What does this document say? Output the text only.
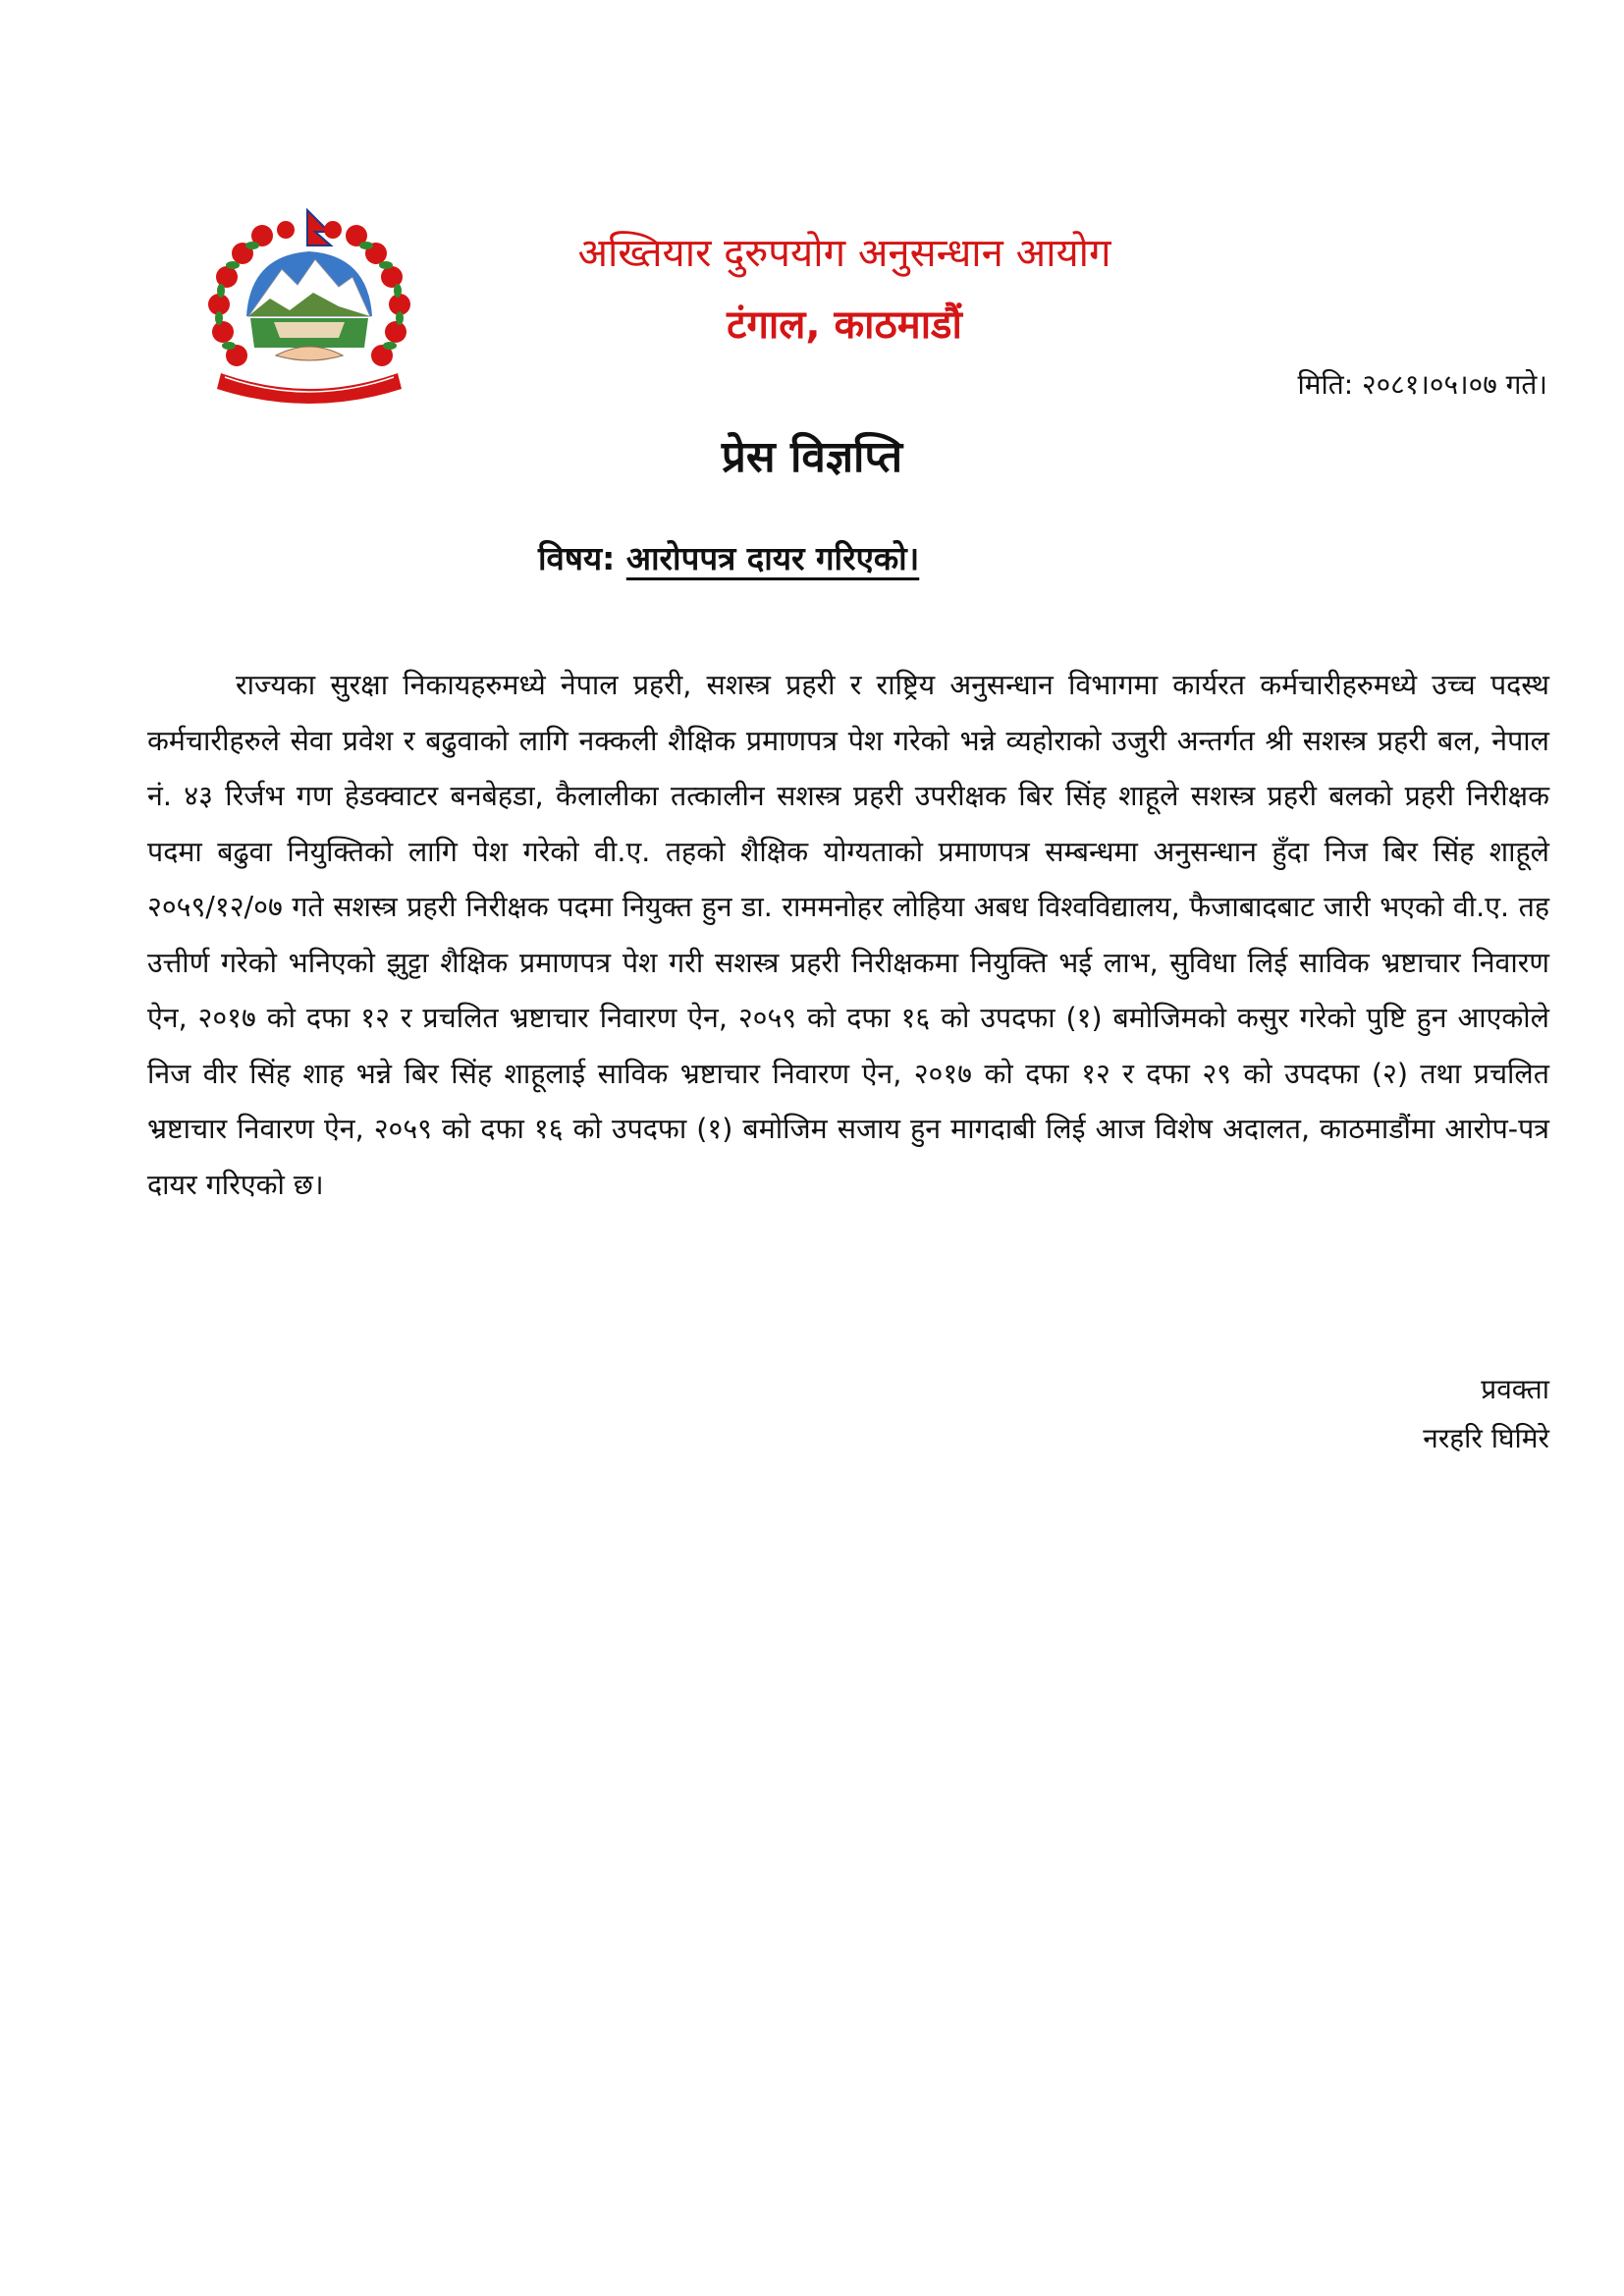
अख्तियार दुरुपयोग अनुसन्धान आयोग
टंगाल, काठमाडौं
मिति: २०८१।०५।०७ गते।
प्रेस विज्ञप्ति
विषय: आरोपपत्र दायर गरिएको।

राज्यका सुरक्षा निकायहरुमध्ये नेपाल प्रहरी, सशस्त्र प्रहरी र राष्ट्रिय अनुसन्धान विभागमा कार्यरत कर्मचारीहरुमध्ये उच्च पदस्थ कर्मचारीहरुले सेवा प्रवेश र बढुवाको लागि नक्कली शैक्षिक प्रमाणपत्र पेश गरेको भन्ने व्यहोराको उजुरी अन्तर्गत श्री सशस्त्र प्रहरी बल, नेपाल नं. ४३ रिर्जभ गण हेडक्वाटर बनबेहडा, कैलालीका तत्कालीन सशस्त्र प्रहरी उपरीक्षक बिर सिंह शाहूले सशस्त्र प्रहरी बलको प्रहरी निरीक्षक पदमा बढुवा नियुक्तिको लागि पेश गरेको वी.ए. तहको शैक्षिक योग्यताको प्रमाणपत्र सम्बन्धमा अनुसन्धान हुँदा निज बिर सिंह शाहूले २०५९/१२/०७ गते सशस्त्र प्रहरी निरीक्षक पदमा नियुक्त हुन डा. राममनोहर लोहिया अबध विश्वविद्यालय, फैजाबादबाट जारी भएको वी.ए. तह उत्तीर्ण गरेको भनिएको झुट्टा शैक्षिक प्रमाणपत्र पेश गरी सशस्त्र प्रहरी निरीक्षकमा नियुक्ति भई लाभ, सुविधा लिई साविक भ्रष्टाचार निवारण ऐन, २०१७ को दफा १२ र प्रचलित भ्रष्टाचार निवारण ऐन, २०५९ को दफा १६ को उपदफा (१) बमोजिमको कसुर गरेको पुष्टि हुन आएकोले निज वीर सिंह शाह भन्ने बिर सिंह शाहूलाई साविक भ्रष्टाचार निवारण ऐन, २०१७ को दफा १२ र दफा २९ को उपदफा (२) तथा प्रचलित भ्रष्टाचार निवारण ऐन, २०५९ को दफा १६ को उपदफा (१) बमोजिम सजाय हुन मागदाबी लिई आज विशेष अदालत, काठमाडौंमा आरोप-पत्र दायर गरिएको छ।

प्रवक्ता
नरहरि घिमिरे
